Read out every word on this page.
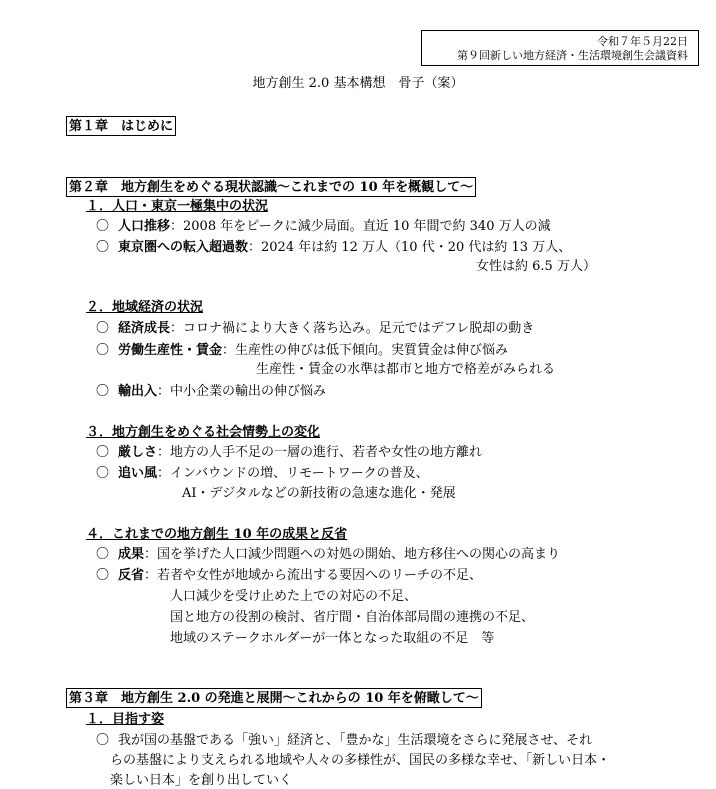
令和７年５月22日
第９回新しい地方経済・生活環境創生会議資料
地方創生 2.0 基本構想　骨子（案）
第１章　はじめに
第２章　地方創生をめぐる現状認識～これまでの 10 年を概観して～
１．人口・東京一極集中の状況
〇 人口推移：2008 年をピークに減少局面。直近 10 年間で約 340 万人の減
〇 東京圏への転入超過数：2024 年は約 12 万人（10 代・20 代は約 13 万人、
女性は約 6.5 万人）
２．地域経済の状況
〇 経済成長：コロナ禍により大きく落ち込み。足元ではデフレ脱却の動き
〇 労働生産性・賃金：生産性の伸びは低下傾向。実質賃金は伸び悩み
生産性・賃金の水準は都市と地方で格差がみられる
〇 輸出入：中小企業の輸出の伸び悩み
３．地方創生をめぐる社会情勢上の変化
〇 厳しさ：地方の人手不足の一層の進行、若者や女性の地方離れ
〇 追い風：インバウンドの増、リモートワークの普及、
AI・デジタルなどの新技術の急速な進化・発展
４．これまでの地方創生 10 年の成果と反省
〇 成果：国を挙げた人口減少問題への対処の開始、地方移住への関心の高まり
〇 反省：若者や女性が地域から流出する要因へのリーチの不足、
人口減少を受け止めた上での対応の不足、
国と地方の役割の検討、省庁間・自治体部局間の連携の不足、
地域のステークホルダーが一体となった取組の不足　等
第３章　地方創生 2.0 の発進と展開～これからの 10 年を俯瞰して～
１．目指す姿
〇 我が国の基盤である「強い」経済と、「豊かな」生活環境をさらに発展させ、それ
らの基盤により支えられる地域や人々の多様性が、国民の多様な幸せ、「新しい日本・
楽しい日本」を創り出していく
